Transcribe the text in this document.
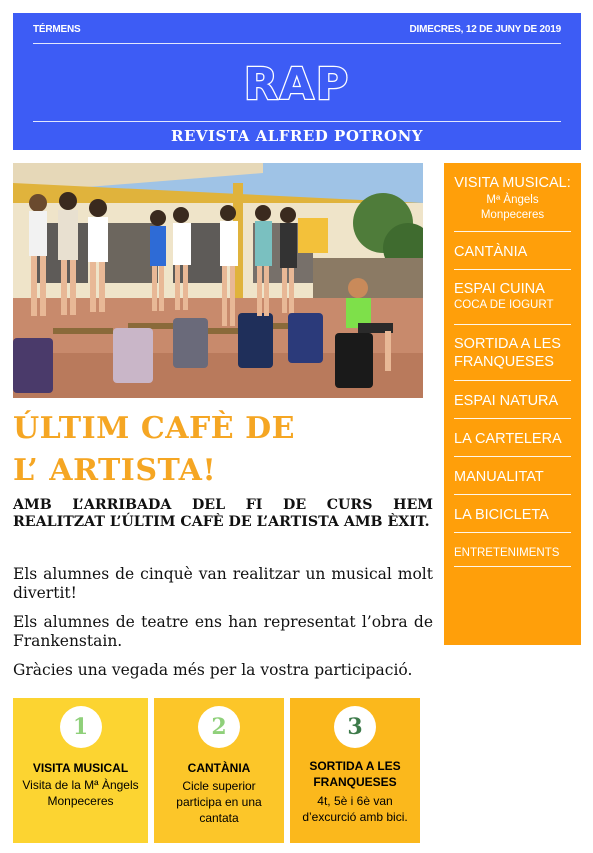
TÉRMENS	DIMECRES, 12 DE JUNY DE 2019
RAP
REVISTA ALFRED POTRONY
ÚLTIM CAFÈ DE
L’ ARTISTA!

AMB L’ARRIBADA DEL FI DE CURS HEM REALITZAT L’ÚLTIM CAFÈ DE L’ARTISTA AMB ÈXIT.

Els alumnes de cinquè van realitzar un musical molt divertit!

Els alumnes de teatre ens han representat l’obra de Frankenstain.

Gràcies una vegada més per la vostra participació.

VISITA MUSICAL:
Mª Àngels Monpeceres
CANTÀNIA
ESPAI CUINA
COCA DE IOGURT
SORTIDA A LES FRANQUESES
ESPAI NATURA
LA CARTELERA
MANUALITAT
LA BICICLETA
ENTRETENIMENTS
1
VISITA MUSICAL
Visita de la Mª Àngels Monpeceres
2
CANTÀNIA
Cicle superior participa en una cantata
3
SORTIDA A LES FRANQUESES
4t, 5è i 6è van d’excurció amb bici.
